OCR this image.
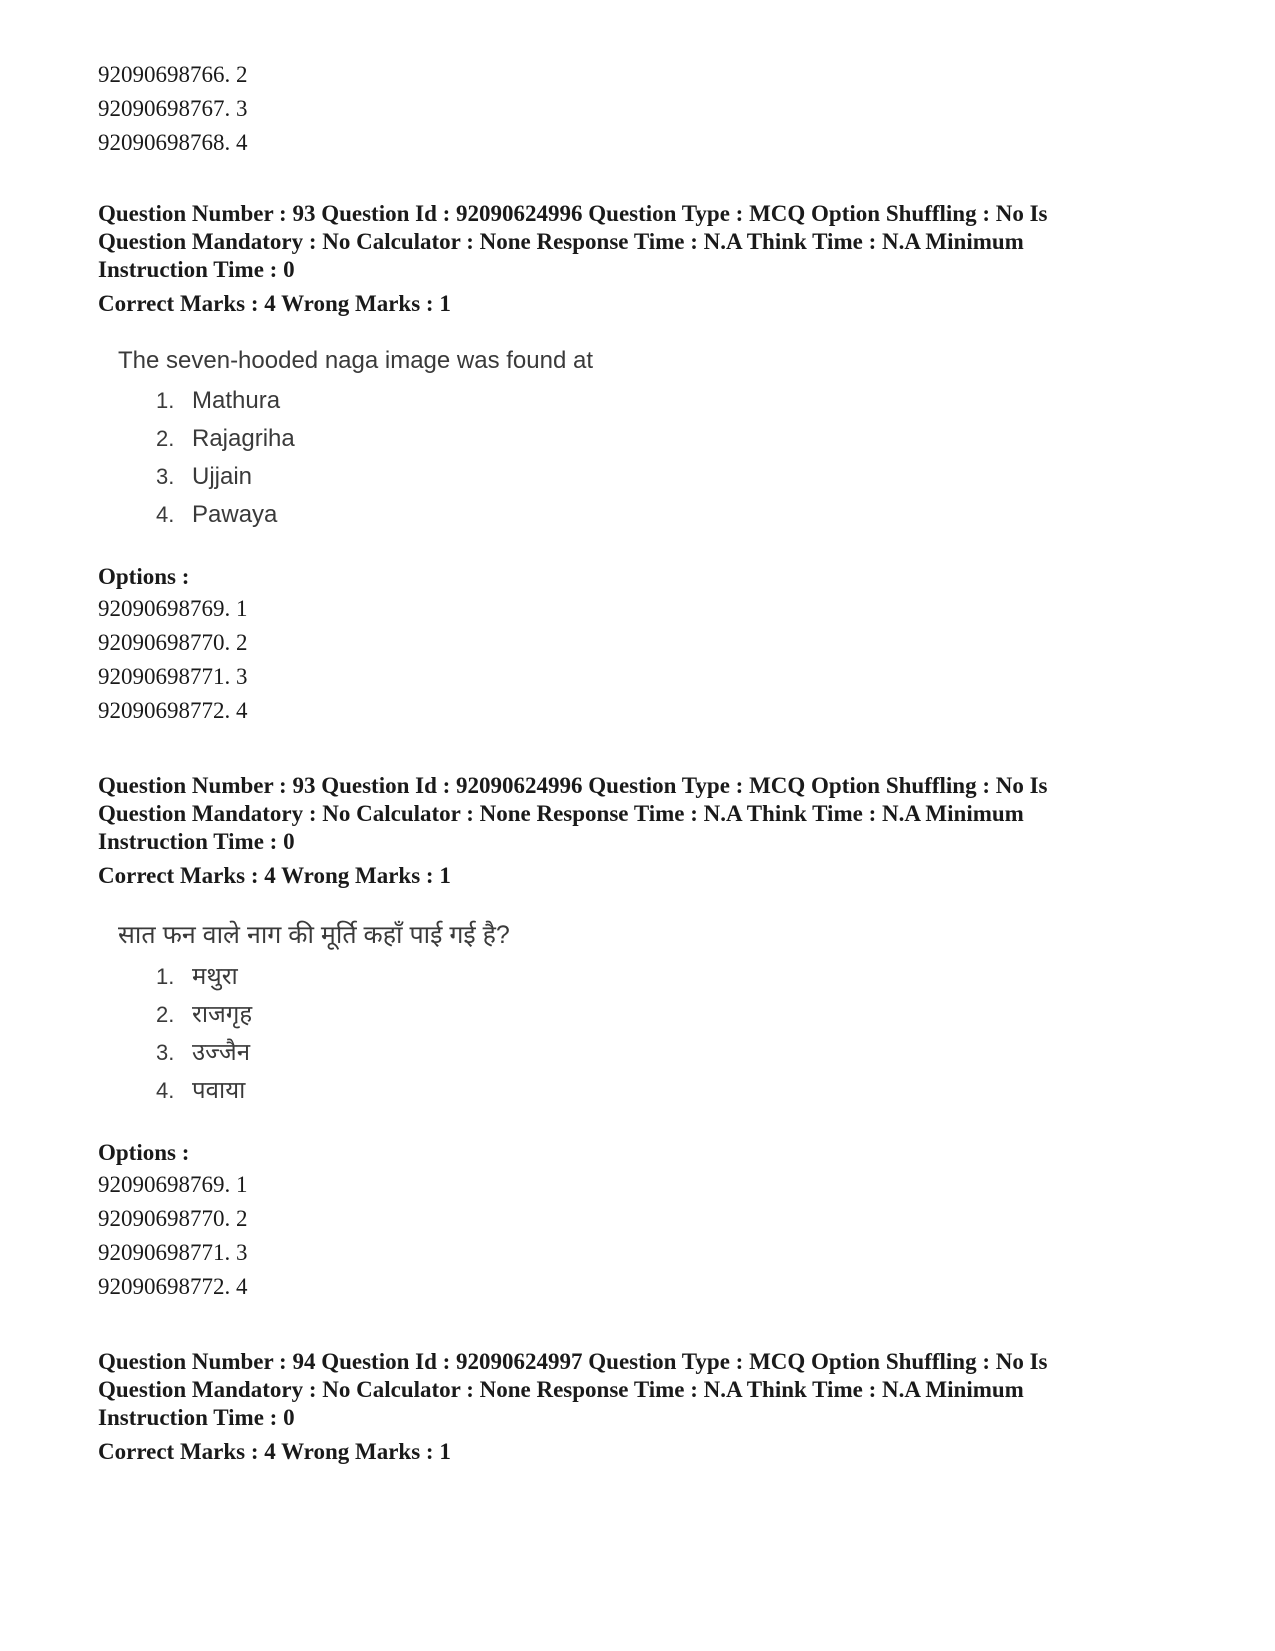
92090698766. 2
92090698767. 3
92090698768. 4
Question Number : 93 Question Id : 92090624996 Question Type : MCQ Option Shuffling : No Is
Question Mandatory : No Calculator : None Response Time : N.A Think Time : N.A Minimum
Instruction Time : 0
Correct Marks : 4 Wrong Marks : 1
The seven-hooded naga image was found at
1. Mathura
2. Rajagriha
3. Ujjain
4. Pawaya
Options :
92090698769. 1
92090698770. 2
92090698771. 3
92090698772. 4
Question Number : 93 Question Id : 92090624996 Question Type : MCQ Option Shuffling : No Is
Question Mandatory : No Calculator : None Response Time : N.A Think Time : N.A Minimum
Instruction Time : 0
Correct Marks : 4 Wrong Marks : 1
सात फन वाले नाग की मूर्ति कहाँ पाई गई है?
1. मथुरा
2. राजगृह
3. उज्जैन
4. पवाया
Options :
92090698769. 1
92090698770. 2
92090698771. 3
92090698772. 4
Question Number : 94 Question Id : 92090624997 Question Type : MCQ Option Shuffling : No Is
Question Mandatory : No Calculator : None Response Time : N.A Think Time : N.A Minimum
Instruction Time : 0
Correct Marks : 4 Wrong Marks : 1
